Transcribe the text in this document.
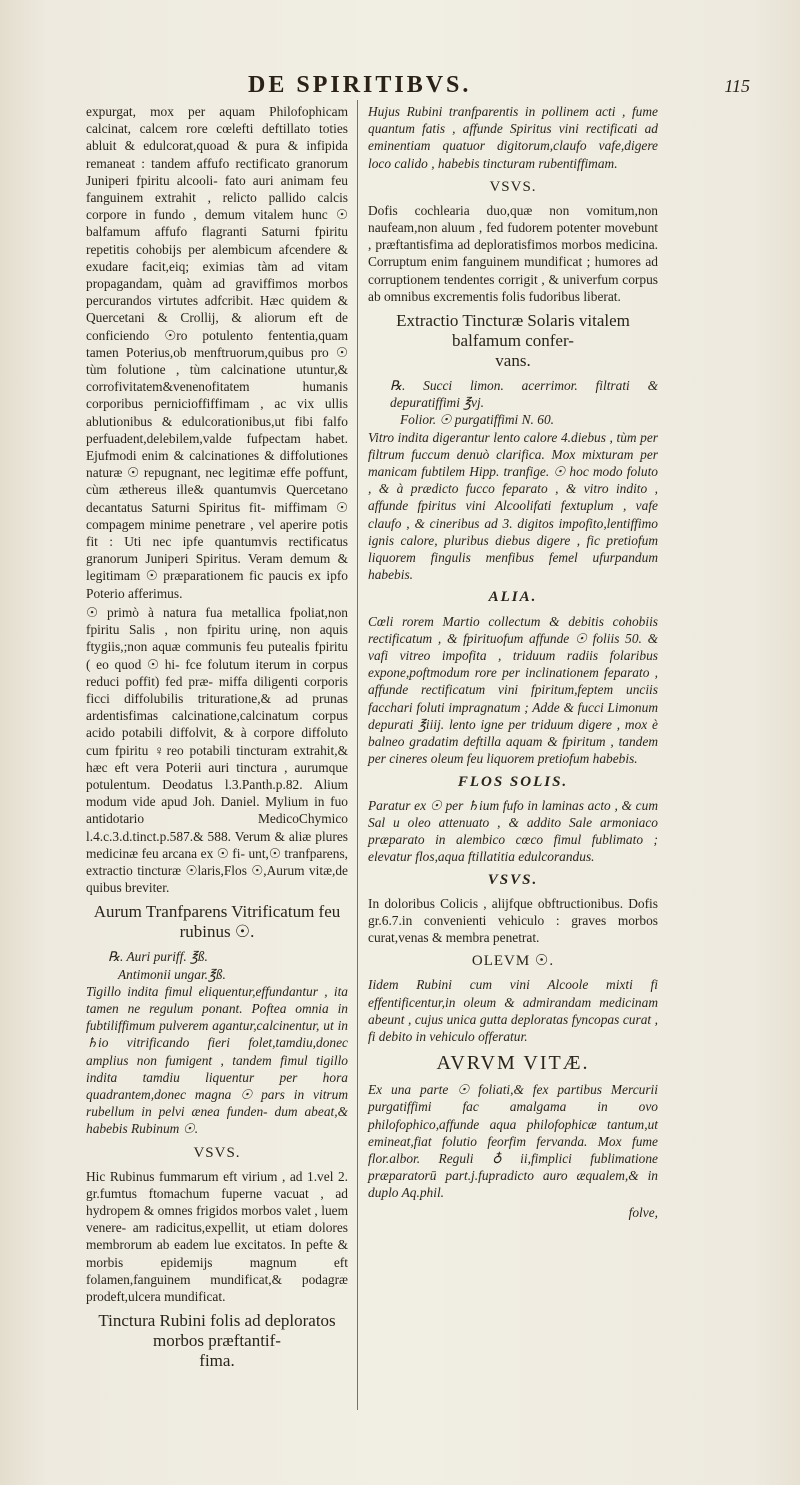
DE SPIRITIBVS.	115

expurgat, mox per aquam Philofophicam calcinat, calcem rore cœlefti deftillato toties abluit & edulcorat,quoad & pura & infipida remaneat : tandem affufo rectificato granorum Juniperi fpiritu alcooli- fato auri animam feu fanguinem extrahit , relicto pallido calcis corpore in fundo , demum vitalem hunc ☉ balfamum affufo flagranti Saturni fpiritu repetitis cohobijs per alembicum afcendere & exudare facit,eiq; eximias tàm ad vitam propagandam, quàm ad graviffimos morbos percurandos virtutes adfcribit. Hæc quidem & Quercetani & Crollij, & aliorum eft de conficiendo ☉ro potulento fententia,quam tamen Poterius,ob menftruorum,quibus pro ☉ tùm folutione , tùm calcinatione utuntur,& corrofivitatem&venenofitatem humanis corporibus pernicioffiffimam , ac vix ullis ablutionibus & edulcorationibus,ut fibi falfo perfuadent,delebilem,valde fufpectam habet. Ejufmodi enim & calcinationes & diffolutiones naturæ ☉ repugnant, nec legitimæ effe poffunt, cùm æthereus ille& quantumvis Quercetano decantatus Saturni Spiritus fit- miffimam ☉ compagem minime penetrare , vel aperire potis fit : Uti nec ipfe quantumvis rectificatus granorum Juniperi Spiritus. Veram demum & legitimam ☉ præparationem fic paucis ex ipfo Poterio afferimus.

☉ primò à natura fua metallica fpoliat,non fpiritu Salis , non fpiritu urinę, non aquis ftygiis,;non aquæ communis feu putealis fpiritu ( eo quod ☉ hi- fce folutum iterum in corpus reduci poffit) fed præ- miffa diligenti corporis ficci diffolubilis trituratione,& ad prunas ardentisfimas calcinatione,calcinatum corpus acido potabili diffolvit, & à corpore diffoluto cum fpiritu ♀reo potabili tincturam extrahit,& hæc eft vera Poterii auri tinctura , aurumque potulentum. Deodatus l.3.Panth.p.82. Alium modum vide apud Joh. Daniel. Mylium in fuo antidotario MedicoChymico l.4.c.3.d.tinct.p.587.& 588. Verum & aliæ plures medicinæ feu arcana ex ☉ fi- unt,☉ tranfparens, extractio tincturæ ☉laris,Flos ☉,Aurum vitæ,de quibus breviter.

Aurum Tranfparens Vitrificatum feu
rubinus ☉.
℞. Auri puriff. ℥ß.
Antimonii ungar.℥ß.

Tigillo indita fimul eliquentur,effundantur , ita tamen ne regulum ponant. Poftea omnia in fubtiliffimum pulverem agantur,calcinentur, ut in ♄io vitrificando fieri folet,tamdiu,donec amplius non fumigent , tandem fimul tigillo indita tamdiu liquentur per hora quadrantem,donec magna ☉ pars in vitrum rubellum in pelvi ænea funden- dum abeat,& habebis Rubinum ☉.

VSVS.

Hic Rubinus fummarum eft virium , ad 1.vel 2. gr.fumtus ftomachum fuperne vacuat , ad hydropem & omnes frigidos morbos valet , luem venere- am radicitus,expellit, ut etiam dolores membrorum ab eadem lue excitatos. In pefte & morbis epidemijs magnum eft folamen,fanguinem mundificat,& podagræ prodeft,ulcera mundificat.

Tinctura Rubini folis ad deploratos
morbos præftantif-
fima.

Hujus Rubini tranfparentis in pollinem acti , fume quantum fatis , affunde Spiritus vini rectificati ad eminentiam quatuor digitorum,claufo vafe,digere loco calido , habebis tincturam rubentiffimam.

VSVS.

Dofis cochlearia duo,quæ non vomitum,non naufeam,non aluum , fed fudorem potenter movebunt , præftantisfima ad deploratisfimos morbos medicina. Corruptum enim fanguinem mundificat ; humores ad corruptionem tendentes corrigit , & univerfum corpus ab omnibus excrementis folis fudoribus liberat.

Extractio Tincturæ Solaris vitalem
balfamum confer-
vans.
℞. Succi limon. acerrimor. filtrati & depuratiffimi ℥vj.
Folior. ☉ purgatiffimi N. 60.

Vitro indita digerantur lento calore 4.diebus , tùm per filtrum fuccum denuò clarifica. Mox mixturam per manicam fubtilem Hipp. tranfige. ☉ hoc modo foluto , & à prædicto fucco feparato , & vitro indito , affunde fpiritus vini Alcoolifati fextuplum , vafe claufo , & cineribus ad 3. digitos impofito,lentiffimo ignis calore, pluribus diebus digere , fic pretiofum liquorem fingulis menfibus femel ufurpandum habebis.

ALIA.

Cœli rorem Martio collectum & debitis cohobiis rectificatum , & fpirituofum affunde ☉ foliis 50. & vafi vitreo impofita , triduum radiis folaribus expone,poftmodum rore per inclinationem feparato , affunde rectificatum vini fpiritum,feptem unciis facchari foluti impragnatum ; Adde & fucci Limonum depurati ℥iiij. lento igne per triduum digere , mox è balneo gradatim deftilla aquam & fpiritum , tandem per cineres oleum feu liquorem pretiofum habebis.

FLOS SOLIS.

Paratur ex ☉ per ♄ium fufo in laminas acto , & cum Sal u oleo attenuato , & addito Sale armoniaco præparato in alembico cœco fimul fublimato ; elevatur flos,aqua ftillatitia edulcorandus.

VSVS.

In doloribus Colicis , alijfque obftructionibus. Dofis gr.6.7.in convenienti vehiculo : graves morbos curat,venas & membra penetrat.

OLEVM ☉.

Iidem Rubini cum vini Alcoole mixti fi effentificentur,in oleum & admirandam medicinam abeunt , cujus unica gutta deploratas fyncopas curat , fi debito in vehiculo offeratur.

AVRVM VITÆ.

Ex una parte ☉ foliati,& fex partibus Mercurii purgatiffimi fac amalgama in ovo philofophico,affunde aqua philofophicæ tantum,ut emineat,fiat folutio feorfim fervanda. Mox fume flor.albor. Reguli ♁ ii,fimplici fublimatione præparatorū part.j.fupradicto auro æqualem,& in duplo Aq.phil.

folve,
